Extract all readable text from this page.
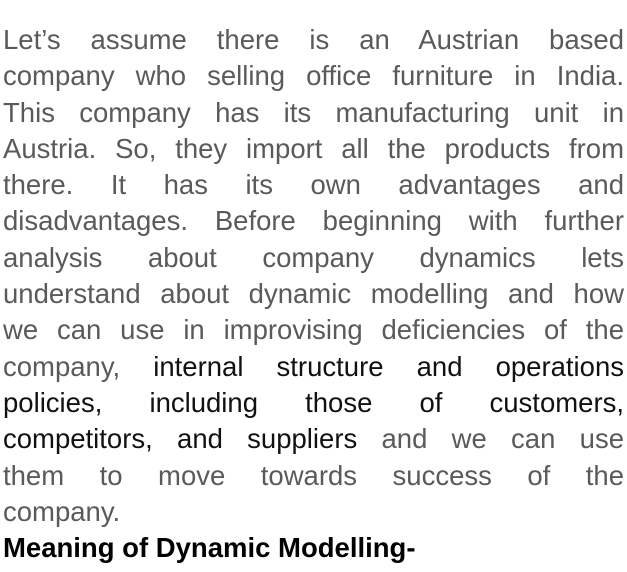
Let’s assume there is an Austrian based
company who selling office furniture in India.
This company has its manufacturing unit in
Austria. So, they import all the products from
there. It has its own advantages and
disadvantages. Before beginning with further
analysis about company dynamics lets
understand about dynamic modelling and how
we can use in improvising deficiencies of the
company, internal structure and operations
policies, including those of customers,
competitors, and suppliers and we can use
them to move towards success of the
company.
Meaning of Dynamic Modelling-
